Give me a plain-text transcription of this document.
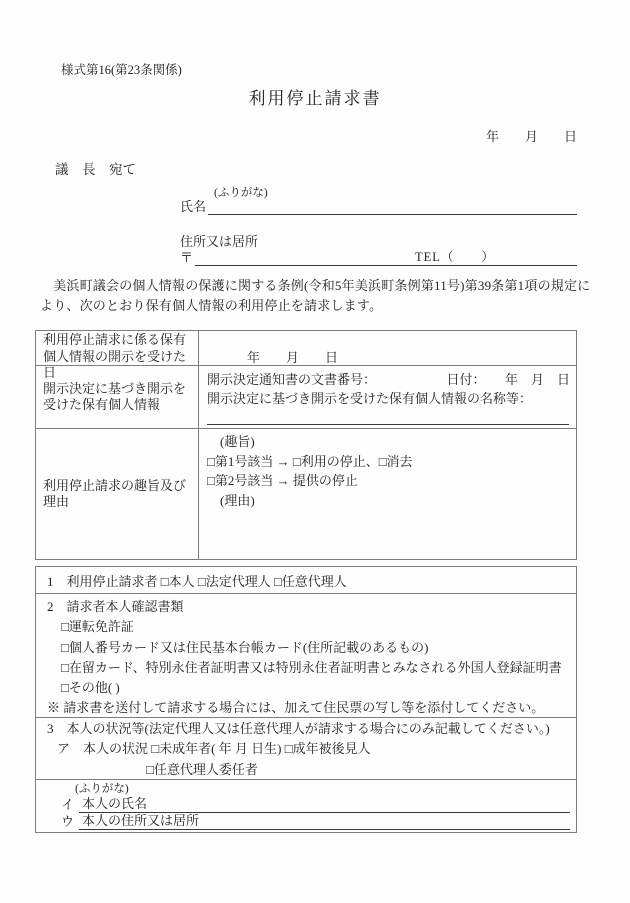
様式第16(第23条関係)
利用停止請求書
年　　月　　日
議　長　宛て
(ふりがな)
氏名
住所又は居所
〒	TEL（　　）
　美浜町議会の個人情報の保護に関する条例(令和5年美浜町条例第11号)第39条第1項の規定に
より、次のとおり保有個人情報の利用停止を請求します。
利用停止請求に係る保有個人情報の開示を受けた日
年　　月　　日
開示決定に基づき開示を受けた保有個人情報
開示決定通知書の文書番号：	日付：　　年　月　日
開示決定に基づき開示を受けた保有個人情報の名称等：
利用停止請求の趣旨及び理由
(趣旨)
□第1号該当 → □利用の停止、□消去
□第2号該当 → 提供の停止
(理由)
1　利用停止請求者 □本人 □法定代理人 □任意代理人
2　請求者本人確認書類
□運転免許証
□個人番号カード又は住民基本台帳カード(住所記載のあるもの)
□在留カード、特別永住者証明書又は特別永住者証明書とみなされる外国人登録証明書
□その他( )
※ 請求書を送付して請求する場合には、加えて住民票の写し等を添付してください。
3　本人の状況等(法定代理人又は任意代理人が請求する場合にのみ記載してください。)
ア　本人の状況 □未成年者( 年 月 日生) □成年被後見人
□任意代理人委任者
(ふりがな)
イ 本人の氏名
ウ 本人の住所又は居所
